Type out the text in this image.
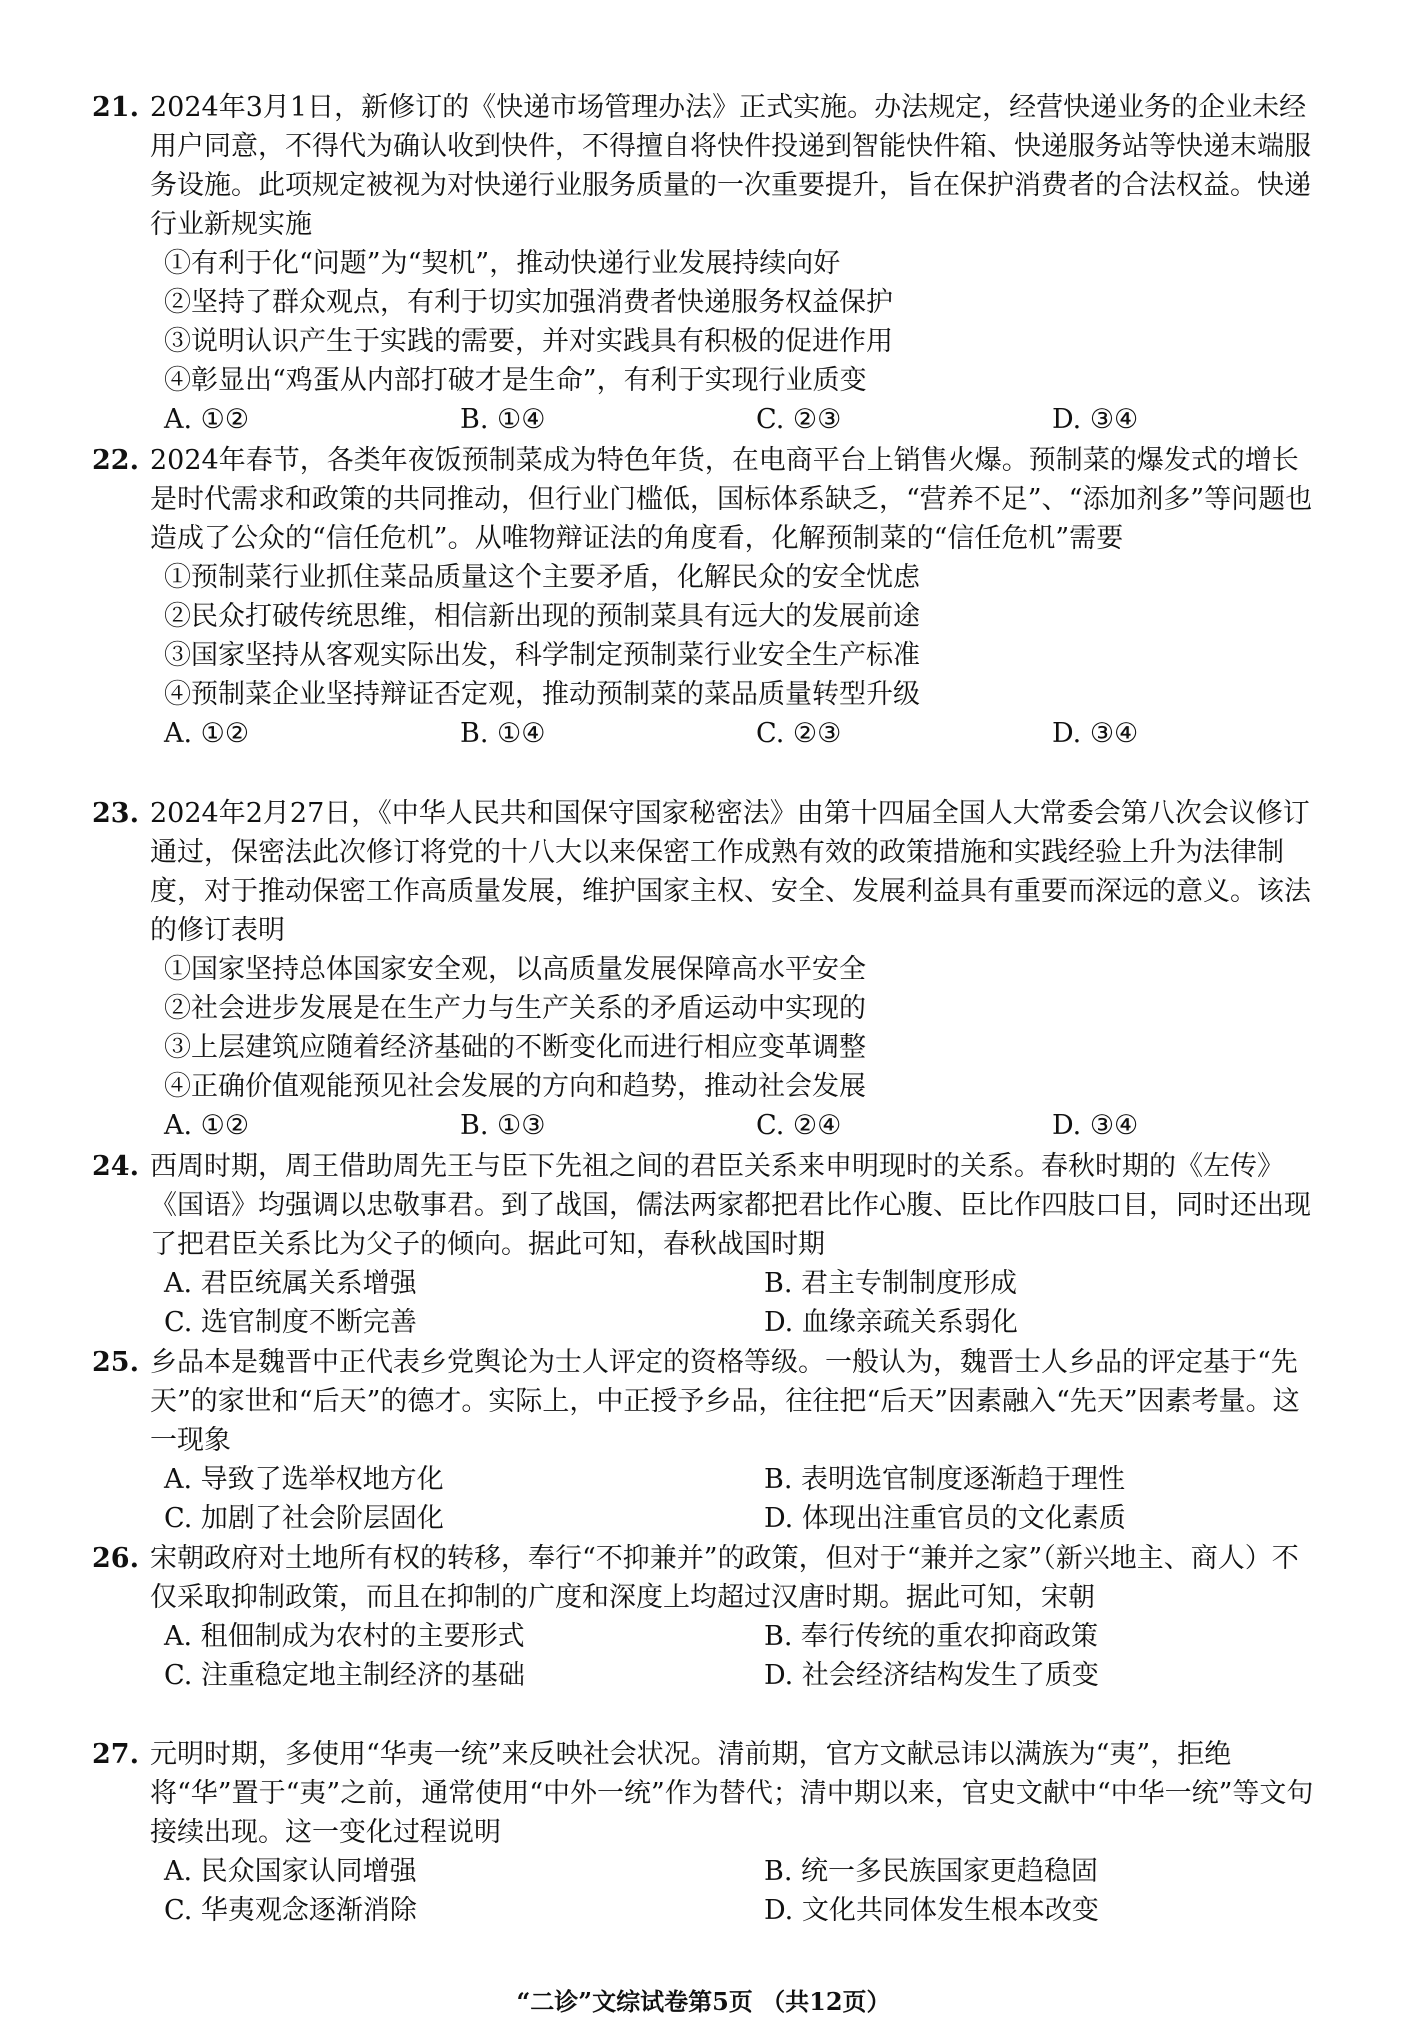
21. 2024年3月1日，新修订的《快递市场管理办法》正式实施。办法规定，经营快递业务的企业未经用户同意，不得代为确认收到快件，不得擅自将快件投递到智能快件箱、快递服务站等快递末端服务设施。此项规定被视为对快递行业服务质量的一次重要提升，旨在保护消费者的合法权益。快递行业新规实施

①有利于化“问题”为“契机”，推动快递行业发展持续向好

②坚持了群众观点，有利于切实加强消费者快递服务权益保护

③说明认识产生于实践的需要，并对实践具有积极的促进作用

④彰显出“鸡蛋从内部打破才是生命”，有利于实现行业质变

A. ①②	B. ①④	C. ②③	D. ③④

22. 2024年春节，各类年夜饭预制菜成为特色年货，在电商平台上销售火爆。预制菜的爆发式的增长是时代需求和政策的共同推动，但行业门槛低，国标体系缺乏，“营养不足”、“添加剂多”等问题也造成了公众的“信任危机”。从唯物辩证法的角度看，化解预制菜的“信任危机”需要

①预制菜行业抓住菜品质量这个主要矛盾，化解民众的安全忧虑

②民众打破传统思维，相信新出现的预制菜具有远大的发展前途

③国家坚持从客观实际出发，科学制定预制菜行业安全生产标准

④预制菜企业坚持辩证否定观，推动预制菜的菜品质量转型升级

A. ①②	B. ①④	C. ②③	D. ③④

23. 2024年2月27日，《中华人民共和国保守国家秘密法》由第十四届全国人大常委会第八次会议修订通过，保密法此次修订将党的十八大以来保密工作成熟有效的政策措施和实践经验上升为法律制度，对于推动保密工作高质量发展，维护国家主权、安全、发展利益具有重要而深远的意义。该法的修订表明

①国家坚持总体国家安全观，以高质量发展保障高水平安全

②社会进步发展是在生产力与生产关系的矛盾运动中实现的

③上层建筑应随着经济基础的不断变化而进行相应变革调整

④正确价值观能预见社会发展的方向和趋势，推动社会发展

A. ①②	B. ①③	C. ②④	D. ③④

24. 西周时期，周王借助周先王与臣下先祖之间的君臣关系来申明现时的关系。春秋时期的《左传》《国语》均强调以忠敬事君。到了战国，儒法两家都把君比作心腹、臣比作四肢口目，同时还出现了把君臣关系比为父子的倾向。据此可知，春秋战国时期

A. 君臣统属关系增强	B. 君主专制制度形成
C. 选官制度不断完善	D. 血缘亲疏关系弱化

25. 乡品本是魏晋中正代表乡党舆论为士人评定的资格等级。一般认为，魏晋士人乡品的评定基于“先天”的家世和“后天”的德才。实际上，中正授予乡品，往往把“后天”因素融入“先天”因素考量。这一现象

A. 导致了选举权地方化	B. 表明选官制度逐渐趋于理性
C. 加剧了社会阶层固化	D. 体现出注重官员的文化素质

26. 宋朝政府对土地所有权的转移，奉行“不抑兼并”的政策，但对于“兼并之家”（新兴地主、商人）不仅采取抑制政策，而且在抑制的广度和深度上均超过汉唐时期。据此可知，宋朝

A. 租佃制成为农村的主要形式	B. 奉行传统的重农抑商政策
C. 注重稳定地主制经济的基础	D. 社会经济结构发生了质变

27. 元明时期，多使用“华夷一统”来反映社会状况。清前期，官方文献忌讳以满族为“夷”，拒绝将“华”置于“夷”之前，通常使用“中外一统”作为替代；清中期以来，官史文献中“中华一统”等文句接续出现。这一变化过程说明

A. 民众国家认同增强	B. 统一多民族国家更趋稳固
C. 华夷观念逐渐消除	D. 文化共同体发生根本改变
“二诊”文综试卷第5页 （共12页）
